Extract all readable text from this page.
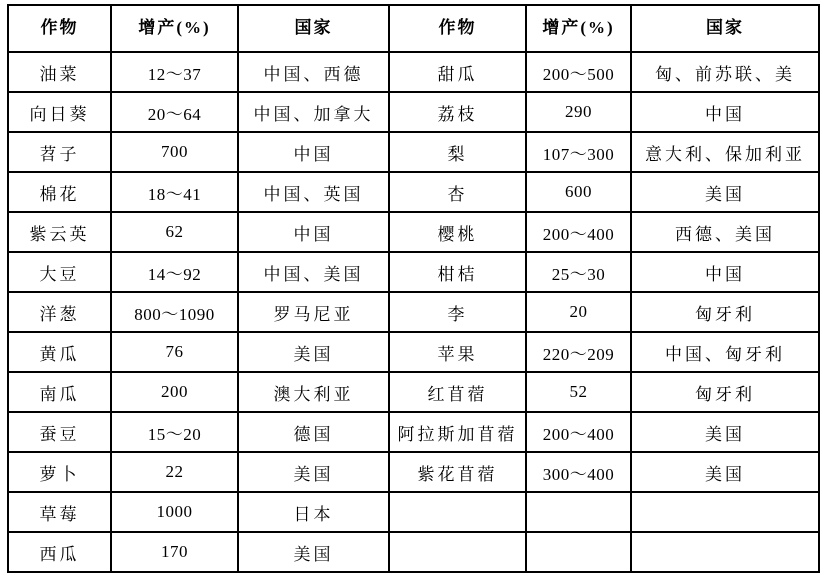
作物	增产(%)	国家	作物	增产(%)	国家
油菜	12～37	中国、西德	甜瓜	200～500	匈、前苏联、美
向日葵	20～64	中国、加拿大	荔枝	290	中国
苕子	700	中国	梨	107～300	意大利、保加利亚
棉花	18～41	中国、英国	杏	600	美国
紫云英	62	中国	樱桃	200～400	西德、美国
大豆	14～92	中国、美国	柑桔	25～30	中国
洋葱	800～1090	罗马尼亚	李	20	匈牙利
黄瓜	76	美国	苹果	220～209	中国、匈牙利
南瓜	200	澳大利亚	红苜蓿	52	匈牙利
蚕豆	15～20	德国	阿拉斯加苜蓿	200～400	美国
萝卜	22	美国	紫花苜蓿	300～400	美国
草莓	1000	日本			
西瓜	170	美国			
